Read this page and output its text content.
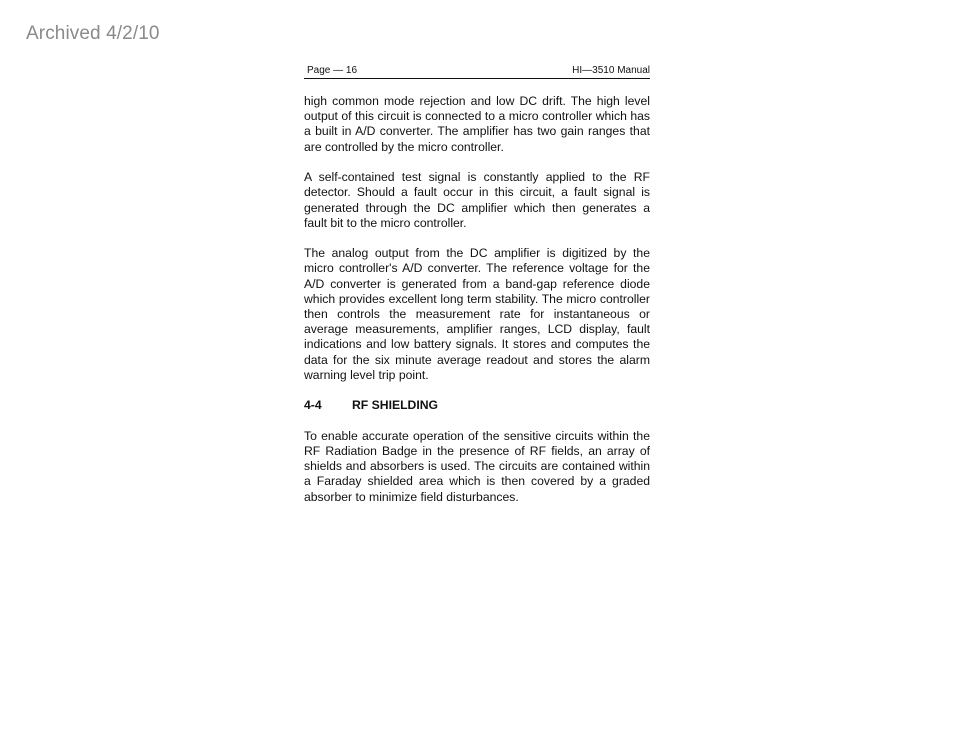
Archived 4/2/10
Page — 16	HI—3510 Manual

high common mode rejection and low DC drift. The high level output of this circuit is connected to a micro controller which has a built in A/D converter. The amplifier has two gain ranges that are controlled by the micro controller.

A self-contained test signal is constantly applied to the RF detector. Should a fault occur in this circuit, a fault signal is generated through the DC amplifier which then generates a fault bit to the micro controller.

The analog output from the DC amplifier is digitized by the micro controller's A/D converter. The reference voltage for the A/D converter is generated from a band-gap reference diode which provides excellent long term stability. The micro controller then controls the measurement rate for instantaneous or average measurements, amplifier ranges, LCD display, fault indications and low battery signals. It stores and computes the data for the six minute average readout and stores the alarm warning level trip point.

4-4	RF SHIELDING

To enable accurate operation of the sensitive circuits within the RF Radiation Badge in the presence of RF fields, an array of shields and absorbers is used. The circuits are contained within a Faraday shielded area which is then covered by a graded absorber to minimize field disturbances.
